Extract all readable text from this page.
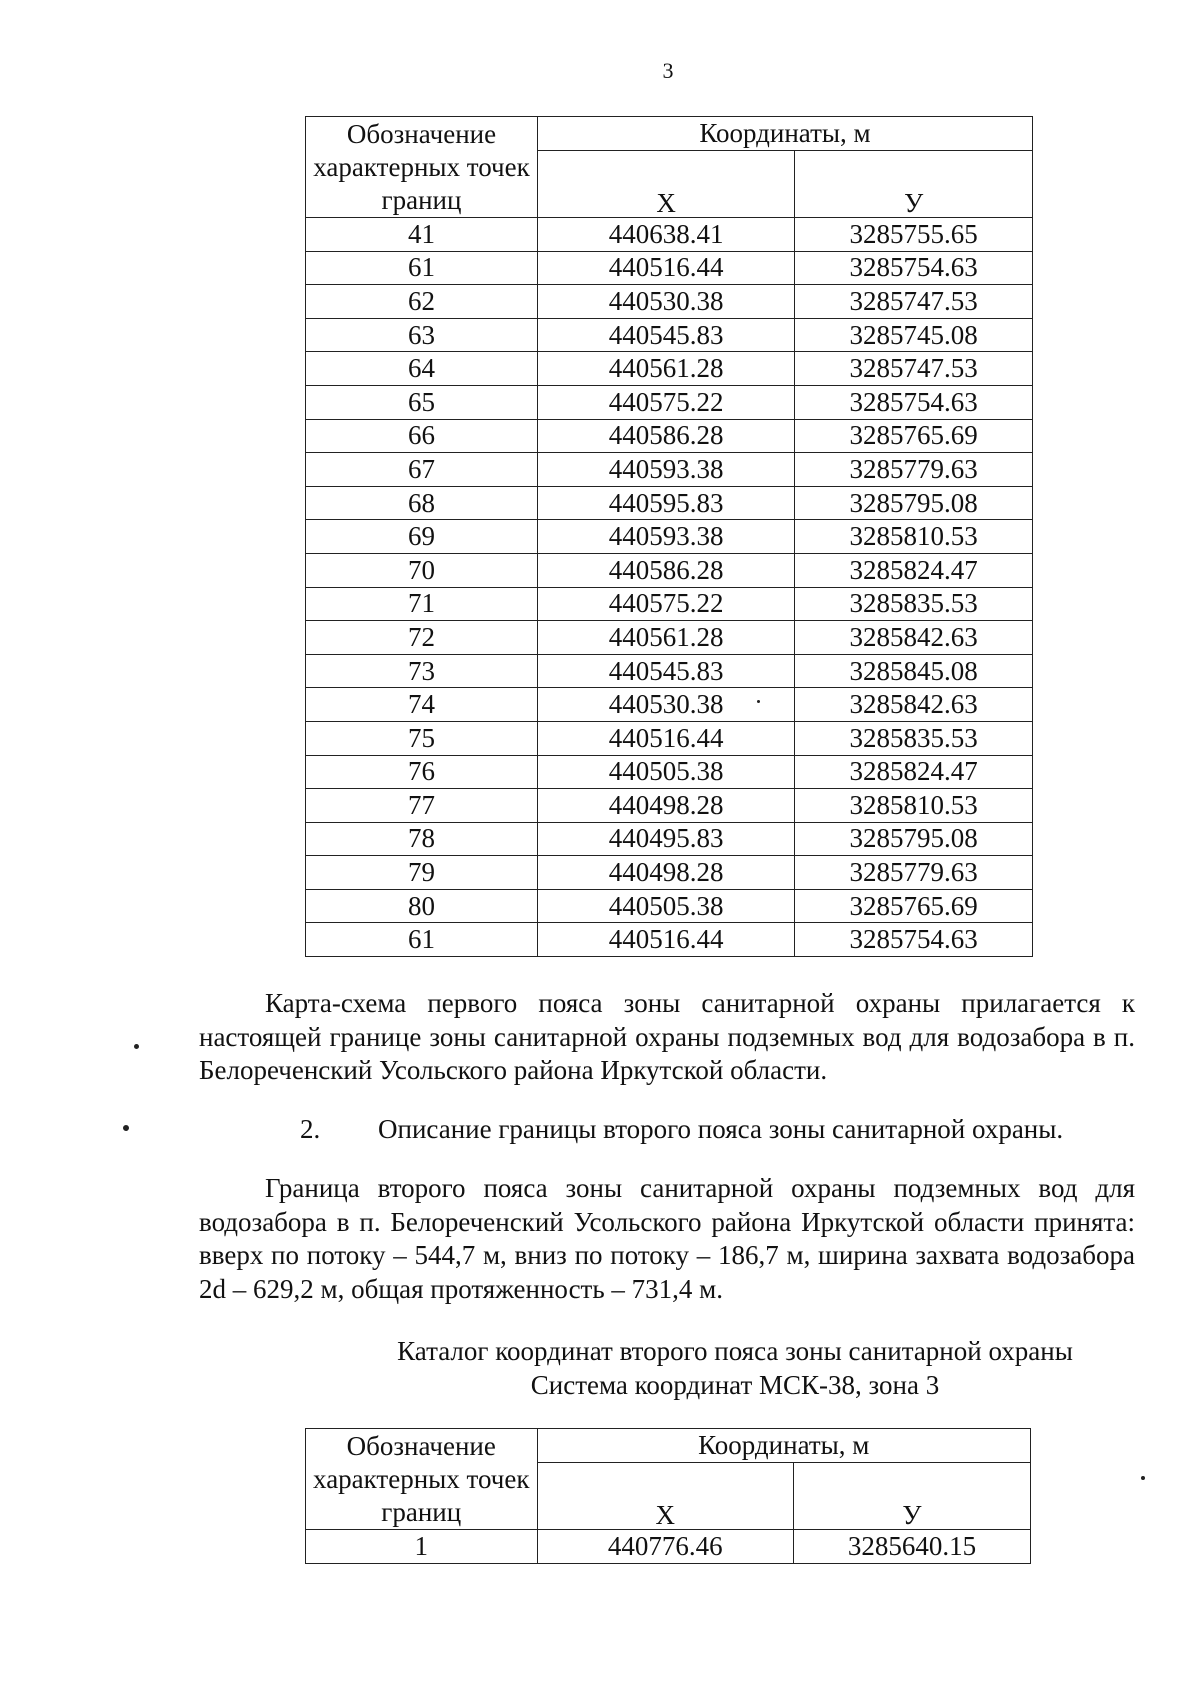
3
Обозначение характерных точек границ	Координаты, м	
	Х	У
41	440638.41	3285755.65
61	440516.44	3285754.63
62	440530.38	3285747.53
63	440545.83	3285745.08
64	440561.28	3285747.53
65	440575.22	3285754.63
66	440586.28	3285765.69
67	440593.38	3285779.63
68	440595.83	3285795.08
69	440593.38	3285810.53
70	440586.28	3285824.47
71	440575.22	3285835.53
72	440561.28	3285842.63
73	440545.83	3285845.08
74	440530.38	3285842.63
75	440516.44	3285835.53
76	440505.38	3285824.47
77	440498.28	3285810.53
78	440495.83	3285795.08
79	440498.28	3285779.63
80	440505.38	3285765.69
61	440516.44	3285754.63
Карта-схема первого пояса зоны санитарной охраны прилагается к настоящей границе зоны санитарной охраны подземных вод для водозабора в п. Белореченский Усольского района Иркутской области.
2. Описание границы второго пояса зоны санитарной охраны.
Граница второго пояса зоны санитарной охраны подземных вод для водозабора в п. Белореченский Усольского района Иркутской области принята: вверх по потоку – 544,7 м, вниз по потоку – 186,7 м, ширина захвата водозабора 2d – 629,2 м, общая протяженность – 731,4 м.
Каталог координат второго пояса зоны санитарной охраны
Система координат МСК-38, зона 3
Обозначение характерных точек границ	Координаты, м	
	Х	У
1	440776.46	3285640.15
